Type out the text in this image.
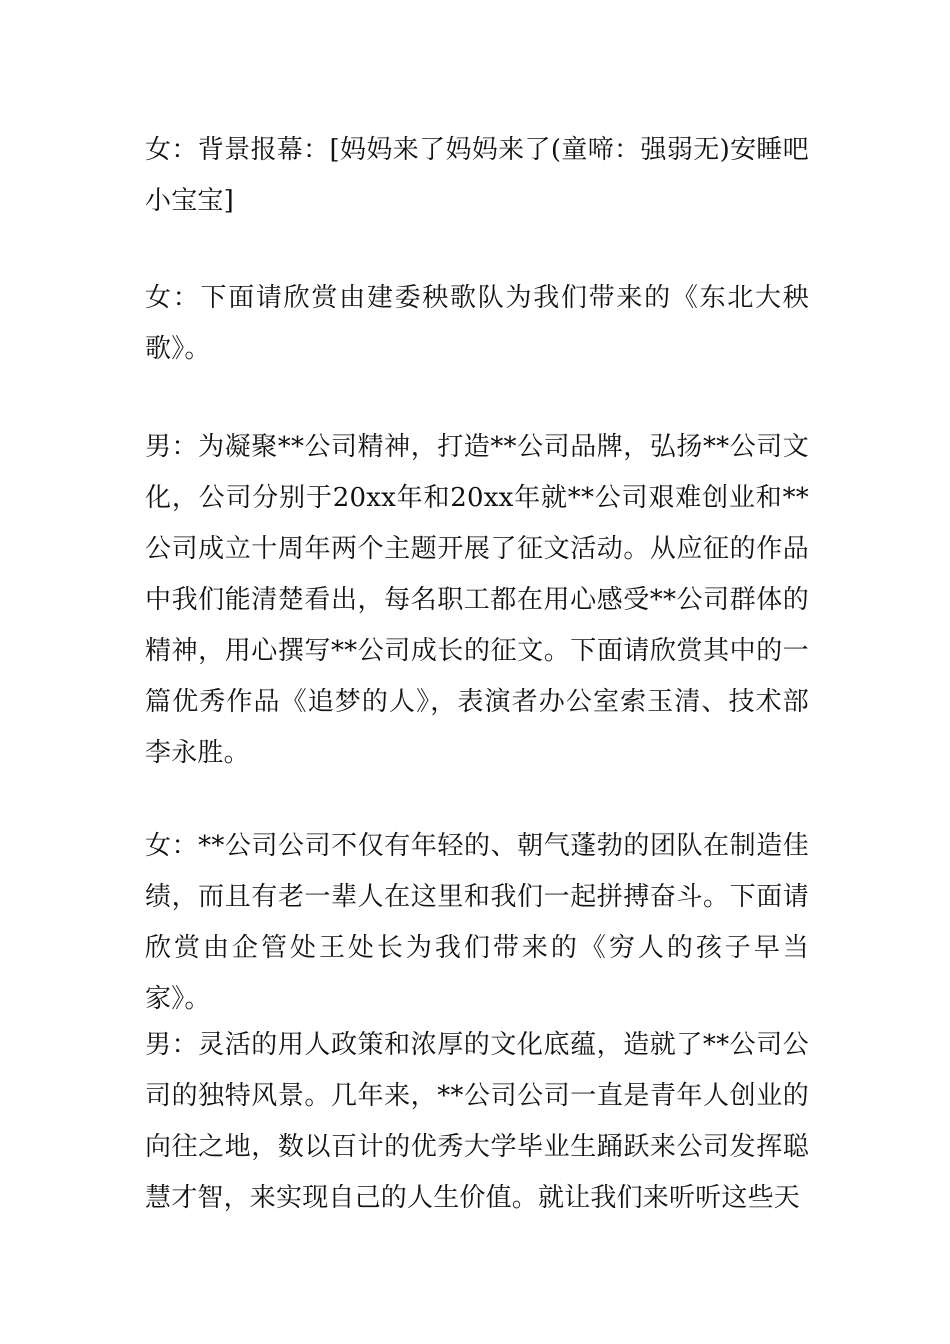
女：背景报幕：[妈妈来了妈妈来了(童啼：强弱无)安睡吧小宝宝]

女：下面请欣赏由建委秧歌队为我们带来的《东北大秧歌》。

男：为凝聚**公司精神，打造**公司品牌，弘扬**公司文化，公司分别于20xx年和20xx年就**公司艰难创业和**公司成立十周年两个主题开展了征文活动。从应征的作品中我们能清楚看出，每名职工都在用心感受**公司群体的精神，用心撰写**公司成长的征文。下面请欣赏其中的一篇优秀作品《追梦的人》，表演者办公室索玉清、技术部李永胜。

女：**公司公司不仅有年轻的、朝气蓬勃的团队在制造佳绩，而且有老一辈人在这里和我们一起拼搏奋斗。下面请欣赏由企管处王处长为我们带来的《穷人的孩子早当家》。

男：灵活的用人政策和浓厚的文化底蕴，造就了**公司公司的独特风景。几年来，**公司公司一直是青年人创业的向往之地，数以百计的优秀大学毕业生踊跃来公司发挥聪慧才智，来实现自己的人生价值。就让我们来听听这些天
